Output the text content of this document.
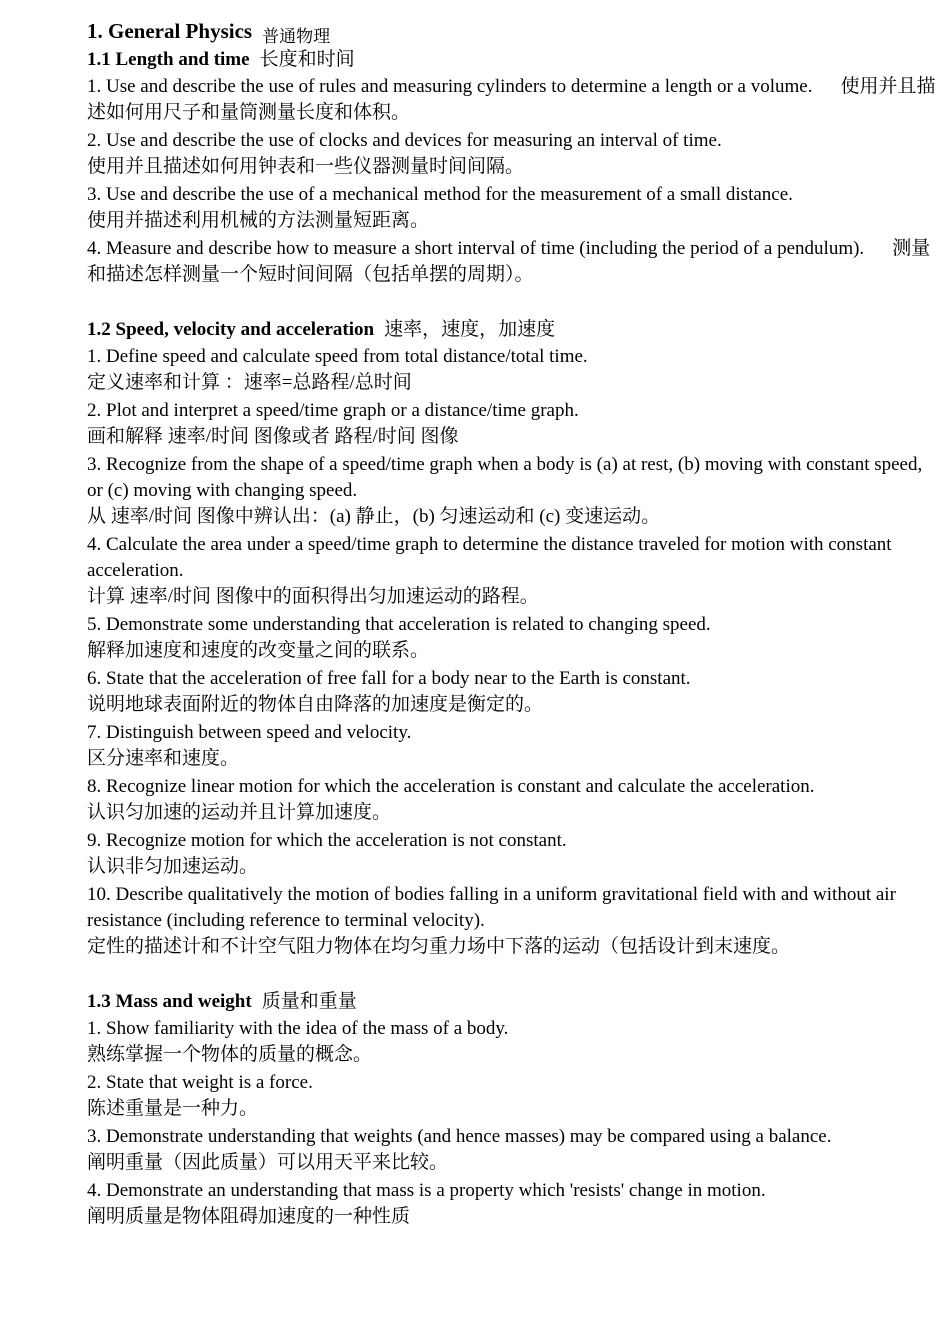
1. General Physics 普通物理
1.1 Length and time 长度和时间
1. Use and describe the use of rules and measuring cylinders to determine a length or a volume. 使用并且描述如何用尺子和量筒测量长度和体积。
2. Use and describe the use of clocks and devices for measuring an interval of time.
使用并且描述如何用钟表和一些仪器测量时间间隔。
3. Use and describe the use of a mechanical method for the measurement of a small distance.
使用并描述利用机械的方法测量短距离。
4. Measure and describe how to measure a short interval of time (including the period of a pendulum). 测量和描述怎样测量一个短时间间隔（包括单摆的周期）。
1.2 Speed, velocity and acceleration 速率，速度，加速度
1. Define speed and calculate speed from total distance/total time.
定义速率和计算 ：速率=总路程/总时间
2. Plot and interpret a speed/time graph or a distance/time graph.
画和解释 速率/时间 图像或者 路程/时间 图像
3. Recognize from the shape of a speed/time graph when a body is (a) at rest, (b) moving with constant speed, or (c) moving with changing speed.
从 速率/时间 图像中辨认出：(a) 静止，(b) 匀速运动和 (c) 变速运动。
4. Calculate the area under a speed/time graph to determine the distance traveled for motion with constant acceleration.
计算 速率/时间 图像中的面积得出匀加速运动的路程。
5. Demonstrate some understanding that acceleration is related to changing speed.
解释加速度和速度的改变量之间的联系。
6. State that the acceleration of free fall for a body near to the Earth is constant.
说明地球表面附近的物体自由降落的加速度是衡定的。
7. Distinguish between speed and velocity.
区分速率和速度。
8. Recognize linear motion for which the acceleration is constant and calculate the acceleration.
认识匀加速的运动并且计算加速度。
9. Recognize motion for which the acceleration is not constant.
认识非匀加速运动。
10. Describe qualitatively the motion of bodies falling in a uniform gravitational field with and without air resistance (including reference to terminal velocity).
定性的描述计和不计空气阻力物体在均匀重力场中下落的运动（包括设计到末速度。
1.3 Mass and weight 质量和重量
1. Show familiarity with the idea of the mass of a body.
熟练掌握一个物体的质量的概念。
2. State that weight is a force.
陈述重量是一种力。
3. Demonstrate understanding that weights (and hence masses) may be compared using a balance.
阐明重量（因此质量）可以用天平来比较。
4. Demonstrate an understanding that mass is a property which 'resists' change in motion.
阐明质量是物体阻碍加速度的一种性质
